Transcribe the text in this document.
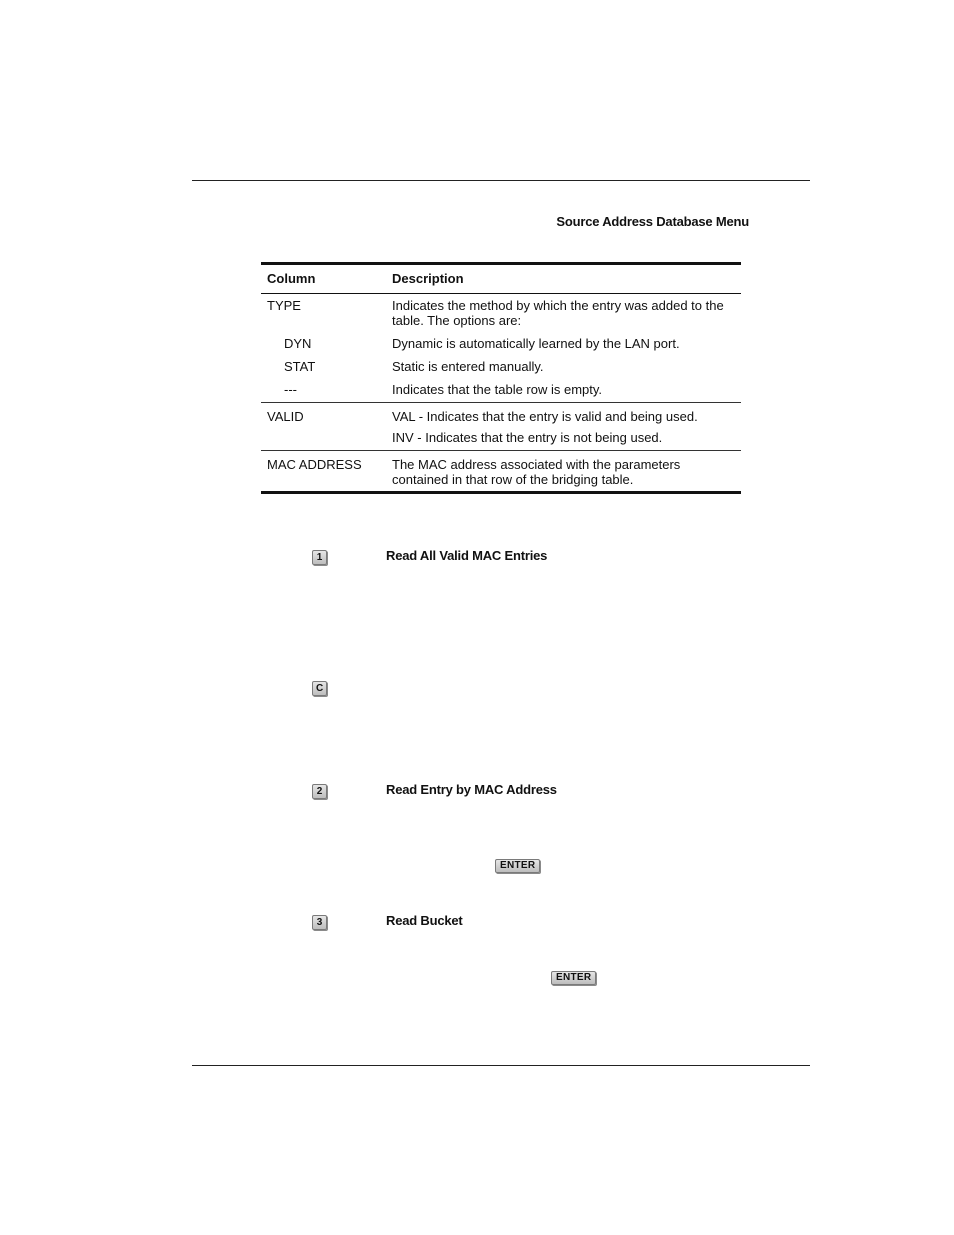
Source Address Database Menu
Column	Description
TYPE	Indicates the method by which the entry was added to the table. The options are:
DYN	Dynamic is automatically learned by the LAN port.
STAT	Static is entered manually.
---	Indicates that the table row is empty.
VALID	VAL - Indicates that the entry is valid and being used.
	INV - Indicates that the entry is not being used.
MAC ADDRESS	The MAC address associated with the parameters contained in that row of the bridging table.
1	Read All Valid MAC Entries
C
2	Read Entry by MAC Address
ENTER
3	Read Bucket
ENTER
